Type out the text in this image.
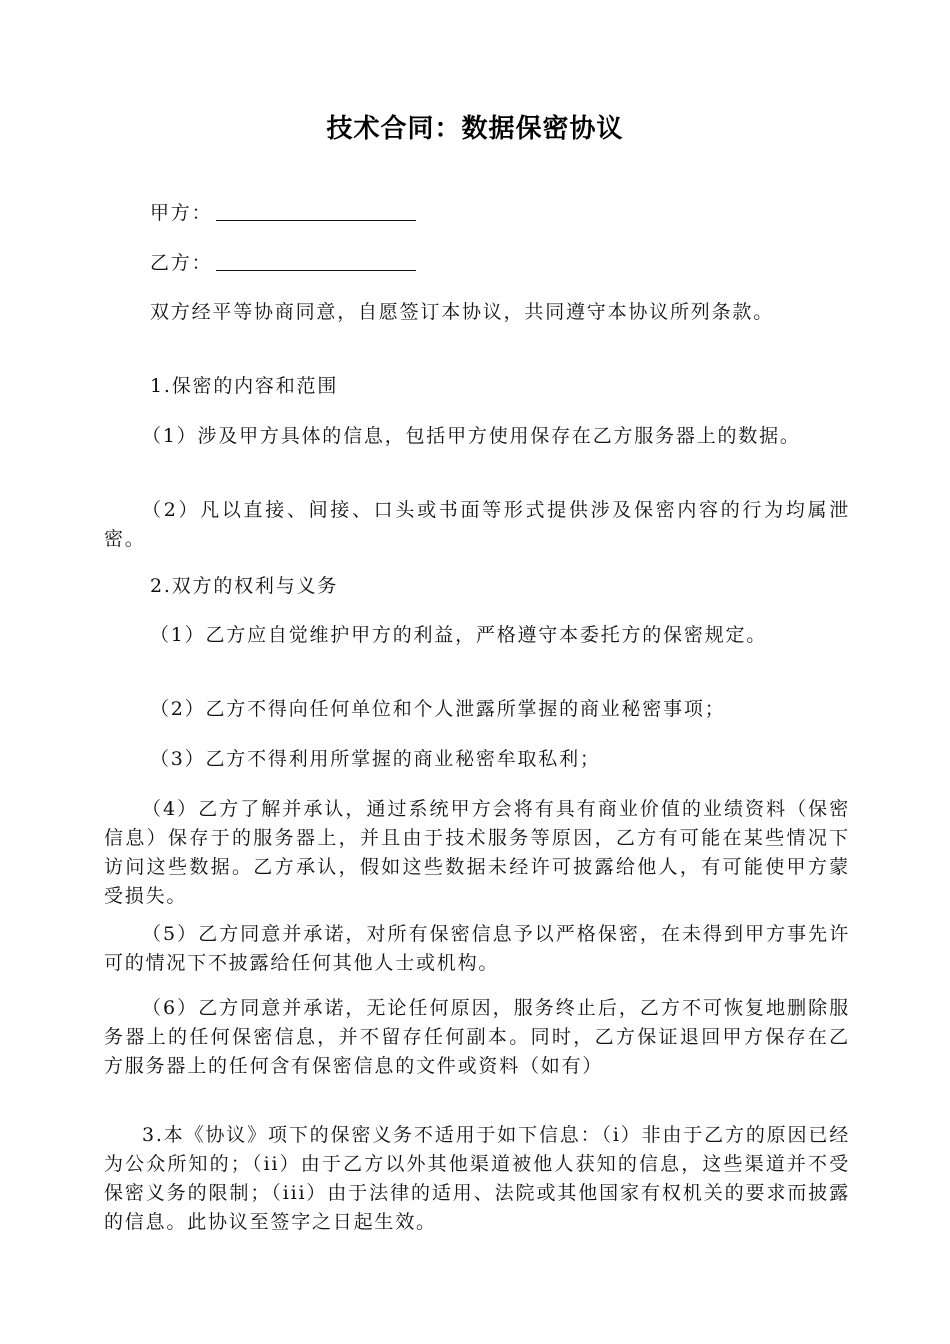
技术合同：数据保密协议
甲方：
乙方：
双方经平等协商同意，自愿签订本协议，共同遵守本协议所列条款。
1.保密的内容和范围
（1）涉及甲方具体的信息，包括甲方使用保存在乙方服务器上的数据。
（2）凡以直接、间接、口头或书面等形式提供涉及保密内容的行为均属泄密。
2.双方的权利与义务
（1）乙方应自觉维护甲方的利益，严格遵守本委托方的保密规定。
（2）乙方不得向任何单位和个人泄露所掌握的商业秘密事项；
（3）乙方不得利用所掌握的商业秘密牟取私利；
（4）乙方了解并承认，通过系统甲方会将有具有商业价值的业绩资料（保密信息）保存于的服务器上，并且由于技术服务等原因，乙方有可能在某些情况下访问这些数据。乙方承认，假如这些数据未经许可披露给他人，有可能使甲方蒙受损失。
（5）乙方同意并承诺，对所有保密信息予以严格保密，在未得到甲方事先许可的情况下不披露给任何其他人士或机构。
（6）乙方同意并承诺，无论任何原因，服务终止后，乙方不可恢复地删除服务器上的任何保密信息，并不留存任何副本。同时，乙方保证退回甲方保存在乙方服务器上的任何含有保密信息的文件或资料（如有）
3.本《协议》项下的保密义务不适用于如下信息：（i）非由于乙方的原因已经为公众所知的；（ii）由于乙方以外其他渠道被他人获知的信息，这些渠道并不受保密义务的限制；（iii）由于法律的适用、法院或其他国家有权机关的要求而披露的信息。此协议至签字之日起生效。
